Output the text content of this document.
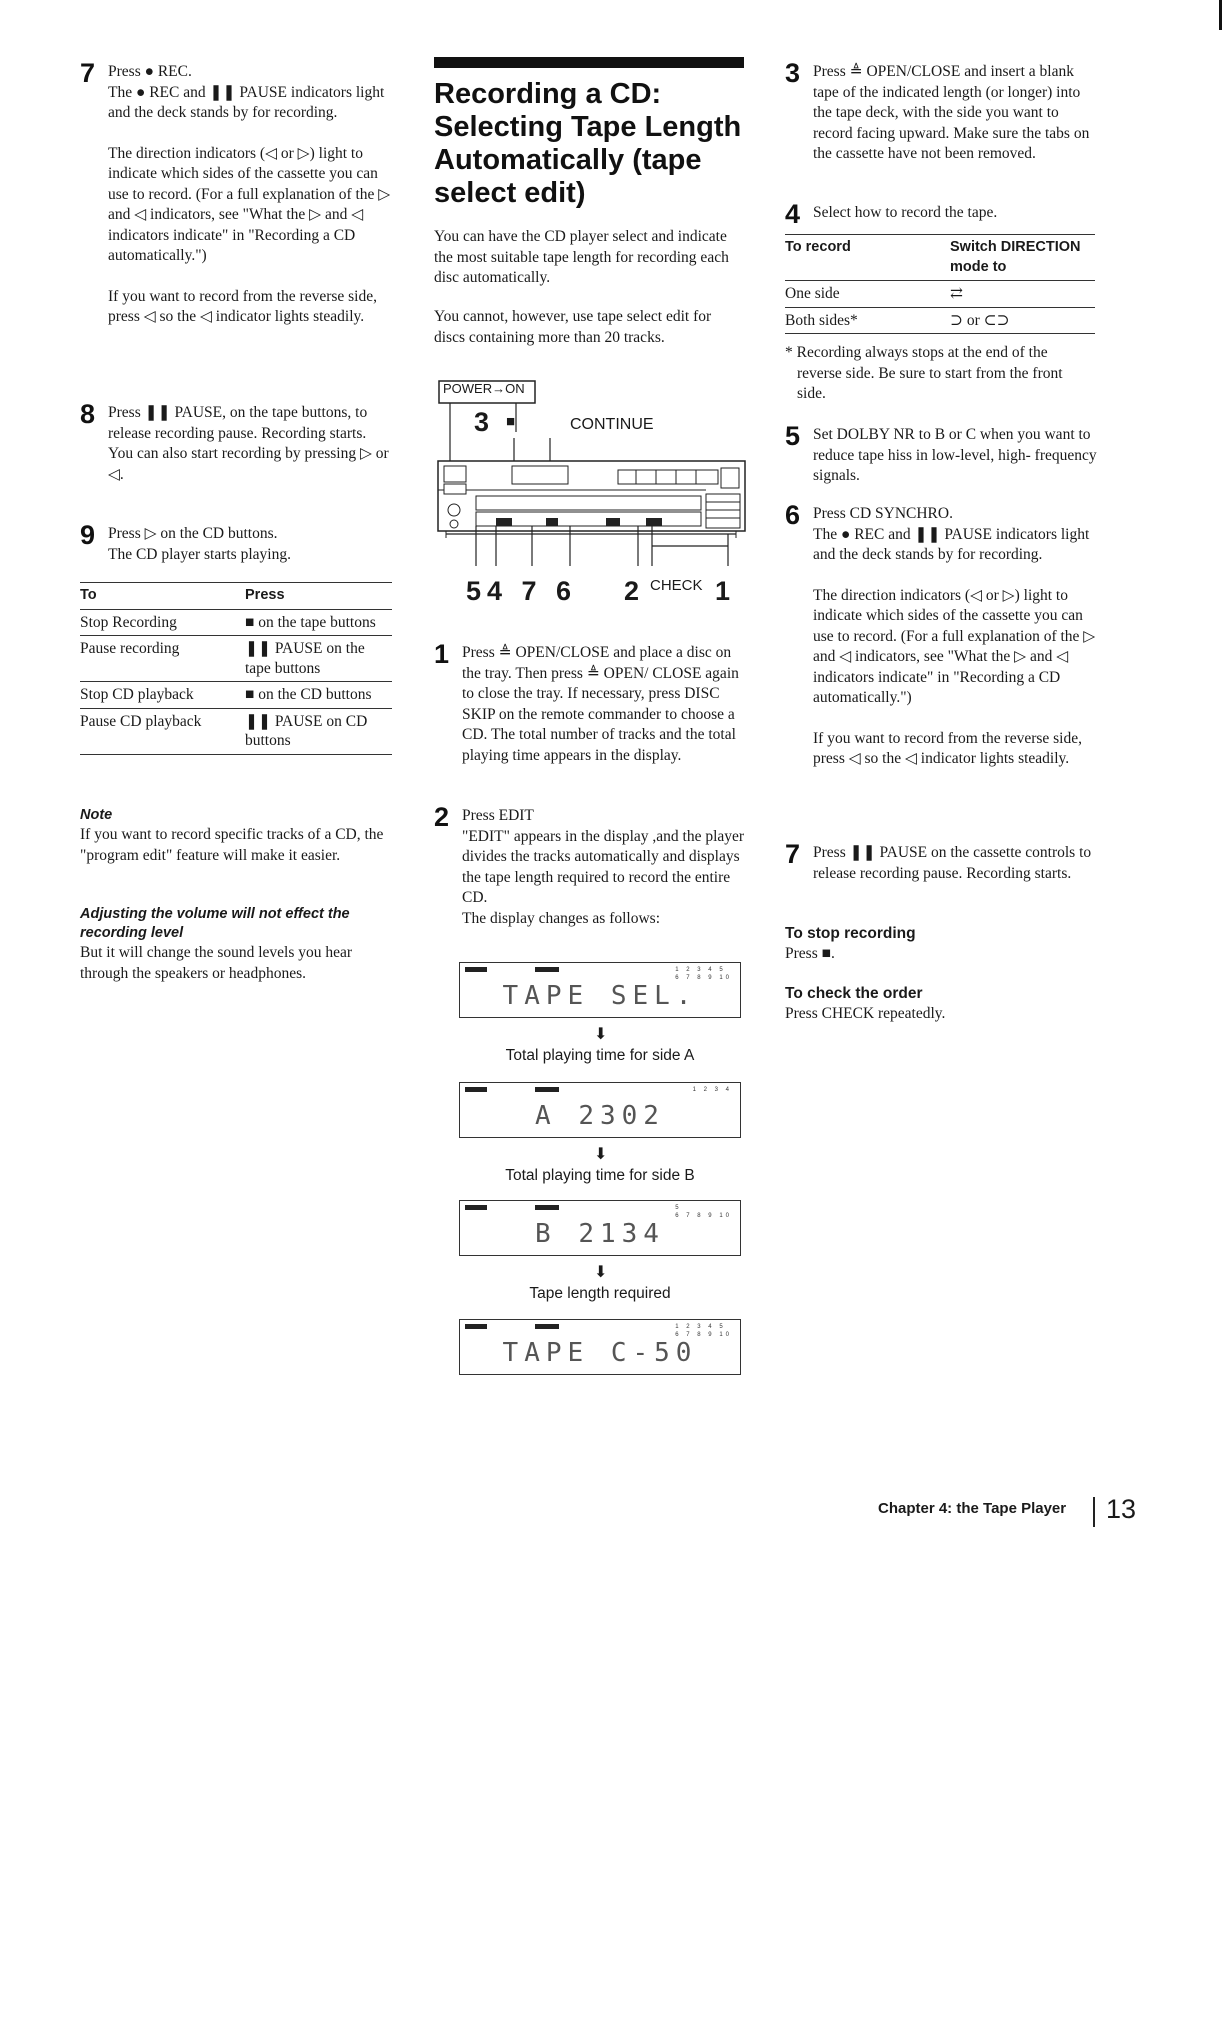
7 Press ● REC.

The ● REC and ❚❚ PAUSE indicators light and the deck stands by for recording.

The direction indicators (◁ or ▷) light to indicate which sides of the cassette you can use to record. (For a full explanation of the ▷ and ◁ indicators, see "What the ▷ and ◁ indicators indicate" in "Recording a CD automatically.")

If you want to record from the reverse side, press ◁ so the ◁ indicator lights steadily.

8 Press ❚❚ PAUSE, on the tape buttons, to release recording pause. Recording starts.

You can also start recording by pressing ▷ or ◁.

9 Press ▷ on the CD buttons.

The CD player starts playing.

To	Press
Stop Recording	■ on the tape buttons
Pause recording	❚❚ PAUSE on the tape buttons
Stop CD playback	■ on the CD buttons
Pause CD playback	❚❚ PAUSE on CD buttons
Note

If you want to record specific tracks of a CD, the "program edit" feature will make it easier.

Adjusting the volume will not effect the recording level

But it will change the sound levels you hear through the speakers or headphones.

Recording a CD: Selecting Tape Length Automatically (tape select edit)

You can have the CD player select and indicate the most suitable tape length for recording each disc automatically.

You cannot, however, use tape select edit for discs containing more than 20 tracks.

POWER→ON
3 ■	CONTINUE
54 7 6 2 CHECK 1
1 Press ≜ OPEN/CLOSE and place a disc on the tray. Then press ≜ OPEN/ CLOSE again to close the tray. If necessary, press DISC SKIP on the remote commander to choose a CD. The total number of tracks and the total playing time appears in the display.

2 Press EDIT

"EDIT" appears in the display ,and the player divides the tracks automatically and displays the tape length required to record the entire CD.

The display changes as follows:

1 2 3 4 5
6 7 8 9 10
TAPE SEL.
⬇
Total playing time for side A
1 2 3 4
A 2302
⬇
Total playing time for side B
5
6 7 8 9 10
B 2134
⬇
Tape length required
1 2 3 4 5
6 7 8 9 10
TAPE C-50
3 Press ≜ OPEN/CLOSE and insert a blank tape of the indicated length (or longer) into the tape deck, with the side you want to record facing upward. Make sure the tabs on the cassette have not been removed.

4 Select how to record the tape.

To record	Switch DIRECTION mode to
One side	⇄
Both sides*	⊃ or ⊂⊃

* Recording always stops at the end of the reverse side. Be sure to start from the front side.

5 Set DOLBY NR to B or C when you want to reduce tape hiss in low-level, high- frequency signals.

6 Press CD SYNCHRO.

The ● REC and ❚❚ PAUSE indicators light and the deck stands by for recording.

The direction indicators (◁ or ▷) light to indicate which sides of the cassette you can use to record. (For a full explanation of the ▷ and ◁ indicators, see "What the ▷ and ◁ indicators indicate" in "Recording a CD automatically.")

If you want to record from the reverse side, press ◁ so the ◁ indicator lights steadily.

7 Press ❚❚ PAUSE on the cassette controls to release recording pause. Recording starts.

To stop recording

Press ■.

To check the order

Press CHECK repeatedly.

Chapter 4: the Tape Player 13
